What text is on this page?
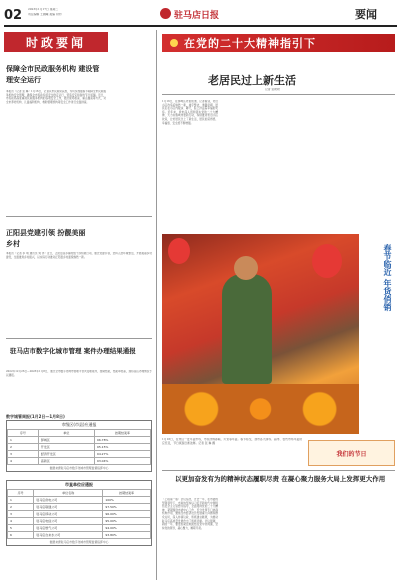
02 2023年1月17日 星期二
责任编辑 王晨曦 美编 何钧	驻马店日报	要闻
时政要闻
保障全市民政服务机构 建设管理安全运行
本报讯（记者 张 琳）1月16日，记者从市民政局获悉，为切实加强春节期间全市民政服务机构安全管理，确保全市民政系统安全稳定运行，营造安定和谐的节日氛围。近日，市民政局高度重视民政服务机构的各项安全工作，通过现场检查、重点抽查等方式，对全市养老机构、儿童福利机构、救助管理机构等安全工作进行全面排查。
正阳县党建引领 扮靓美丽乡村
本报讯（记者 李 明 通讯员 刘 洋）近日，正阳县各乡镇村组干部积极行动，通过党建引领，坚持人居环境整治，开展美丽乡村建设，全面推进乡村振兴，以实际行动推动正阳县乡村面貌焕然一新。
驻马店市数字化城市管理 案件办理结果通报
2022年12月26日—2023年1月8日，通过全市数字化城市管理平台共受理案件，按期结案，结案率较高，现将各区办理情况予以通报。
数字城管周报(1月2日—1月8日)
市级区(市县)应通报
序号	单位	按期结案率
1	驿城区	96.78%
2	开发区	95.15%
3	经济开发区	94.27%
4	高新区	93.04%
数据来源驻马店市数字化城市管理监督指挥中心
市直单位应通报
序号	单位名称	按期结案率
1	驻马店供电公司	100%
2	驻马店联通公司	97.50%
3	驻马店移动公司	96.00%
4	驻马店电信公司	95.00%
5	驻马店燃气公司	94.00%
6	驻马店自来水公司	93.80%
数据来源驻马店市数字化城市管理监督指挥中心
在党的二十大精神指引下
老居民过上新生活
记者 张盼盼
1月16日，在驿城区老街街道，记者看到，老旧小区改造后焕然一新，楼宇整洁，道路宽阔，居民们在小区内散步、聊天，脸上洋溢着幸福的笑容。近年来，我市深入贯彻落实党的二十大精神，大力实施城市更新行动，持续推进老旧小区改造，让老居民过上了新生活，居民的获得感、幸福感、安全感不断增强。
春节临近 年货俏销
1月16日，在市区一处年货市场，市民选购春联、灯笼等年货。春节将至，我市各大商场、超市、农贸市场年货供应充足，节日氛围日渐浓厚。记者 张 琳 摄
我们的节日
以更加奋发有为的精神状态履职尽责 在凝心聚力服务大局上发挥更大作用
（上接第一版）会议指出，过去一年，在市委的坚强领导下，市政协坚持以习近平新时代中国特色社会主义思想为指导，全面贯彻党的二十大精神，紧紧围绕市委中心工作，充分发挥专门协商机构作用，聚焦全市经济社会发展重大问题和群众关切，深入协商议政、积极建言献策，为推动驻马店高质量发展作出了积极贡献。会议强调，新的一年，要更加紧密地团结在党中央周围，坚持党的领导，凝心聚力，履职尽责。
